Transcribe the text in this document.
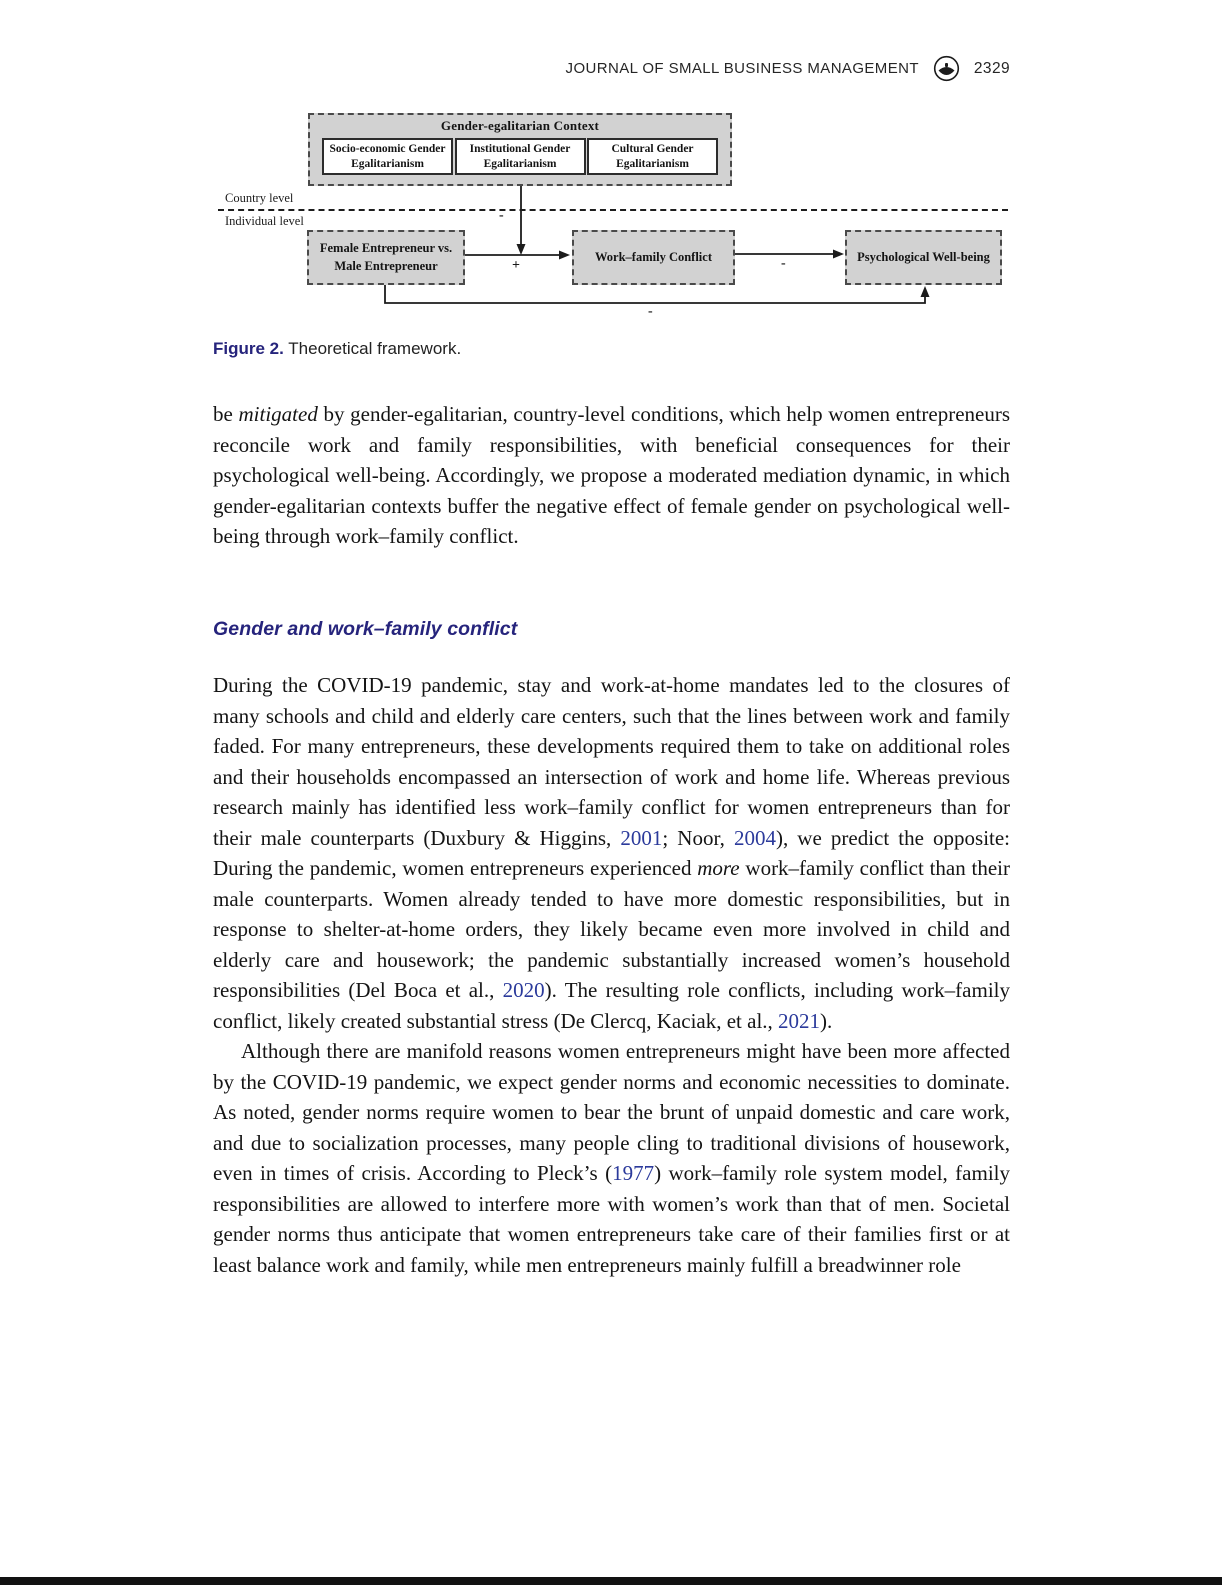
JOURNAL OF SMALL BUSINESS MANAGEMENT	2329
Gender-egalitarian Context
Socio-economic Gender Egalitarianism
Institutional Gender Egalitarianism
Cultural Gender Egalitarianism
Country level
Individual level
Female Entrepreneur vs. Male Entrepreneur
Work–family Conflict	Psychological Well-being
-
+	-
-
Figure 2. Theoretical framework.

be mitigated by gender-egalitarian, country-level conditions, which help women entrepreneurs reconcile work and family responsibilities, with beneficial consequences for their psychological well-being. Accordingly, we propose a moderated mediation dynamic, in which gender-egalitarian contexts buffer the negative effect of female gender on psychological well-being through work–family conflict.

Gender and work–family conflict

During the COVID-19 pandemic, stay and work-at-home mandates led to the closures of many schools and child and elderly care centers, such that the lines between work and family faded. For many entrepreneurs, these developments required them to take on additional roles and their households encompassed an intersection of work and home life. Whereas previous research mainly has identified less work–family conflict for women entrepreneurs than for their male counterparts (Duxbury & Higgins, 2001; Noor, 2004), we predict the opposite: During the pandemic, women entrepreneurs experienced more work–family conflict than their male counterparts. Women already tended to have more domestic responsibilities, but in response to shelter-at-home orders, they likely became even more involved in child and elderly care and housework; the pandemic substantially increased women’s household responsibilities (Del Boca et al., 2020). The resulting role conflicts, including work–family conflict, likely created substantial stress (De Clercq, Kaciak, et al., 2021).

Although there are manifold reasons women entrepreneurs might have been more affected by the COVID-19 pandemic, we expect gender norms and economic necessities to dominate. As noted, gender norms require women to bear the brunt of unpaid domestic and care work, and due to socialization processes, many people cling to traditional divisions of housework, even in times of crisis. According to Pleck’s (1977) work–family role system model, family responsibilities are allowed to interfere more with women’s work than that of men. Societal gender norms thus anticipate that women entrepreneurs take care of their families first or at least balance work and family, while men entrepreneurs mainly fulfill a breadwinner role
